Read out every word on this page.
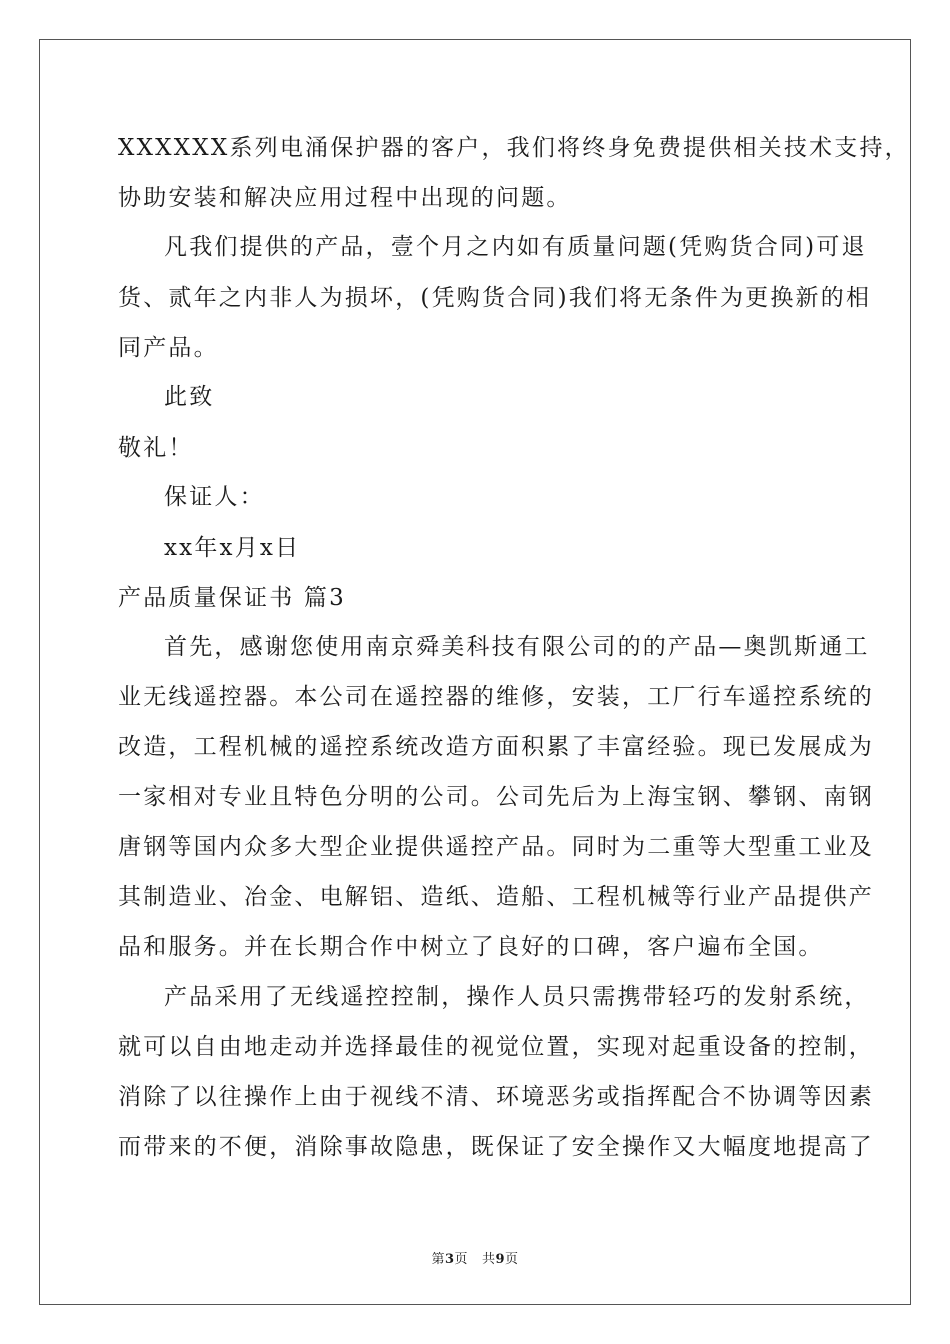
XXXXXX系列电涌保护器的客户，我们将终身免费提供相关技术支持，
协助安装和解决应用过程中出现的问题。
凡我们提供的产品，壹个月之内如有质量问题(凭购货合同)可退
货、贰年之内非人为损坏，(凭购货合同)我们将无条件为更换新的相
同产品。
此致
敬礼！
保证人：
xx年x月x日
产品质量保证书 篇3
首先，感谢您使用南京舜美科技有限公司的的产品—奥凯斯通工
业无线遥控器。本公司在遥控器的维修，安装，工厂行车遥控系统的
改造，工程机械的遥控系统改造方面积累了丰富经验。现已发展成为
一家相对专业且特色分明的公司。公司先后为上海宝钢、攀钢、南钢
唐钢等国内众多大型企业提供遥控产品。同时为二重等大型重工业及
其制造业、冶金、电解铝、造纸、造船、工程机械等行业产品提供产
品和服务。并在长期合作中树立了良好的口碑，客户遍布全国。
产品采用了无线遥控控制，操作人员只需携带轻巧的发射系统，
就可以自由地走动并选择最佳的视觉位置，实现对起重设备的控制，
消除了以往操作上由于视线不清、环境恶劣或指挥配合不协调等因素
而带来的不便，消除事故隐患，既保证了安全操作又大幅度地提高了
第3页 共9页
